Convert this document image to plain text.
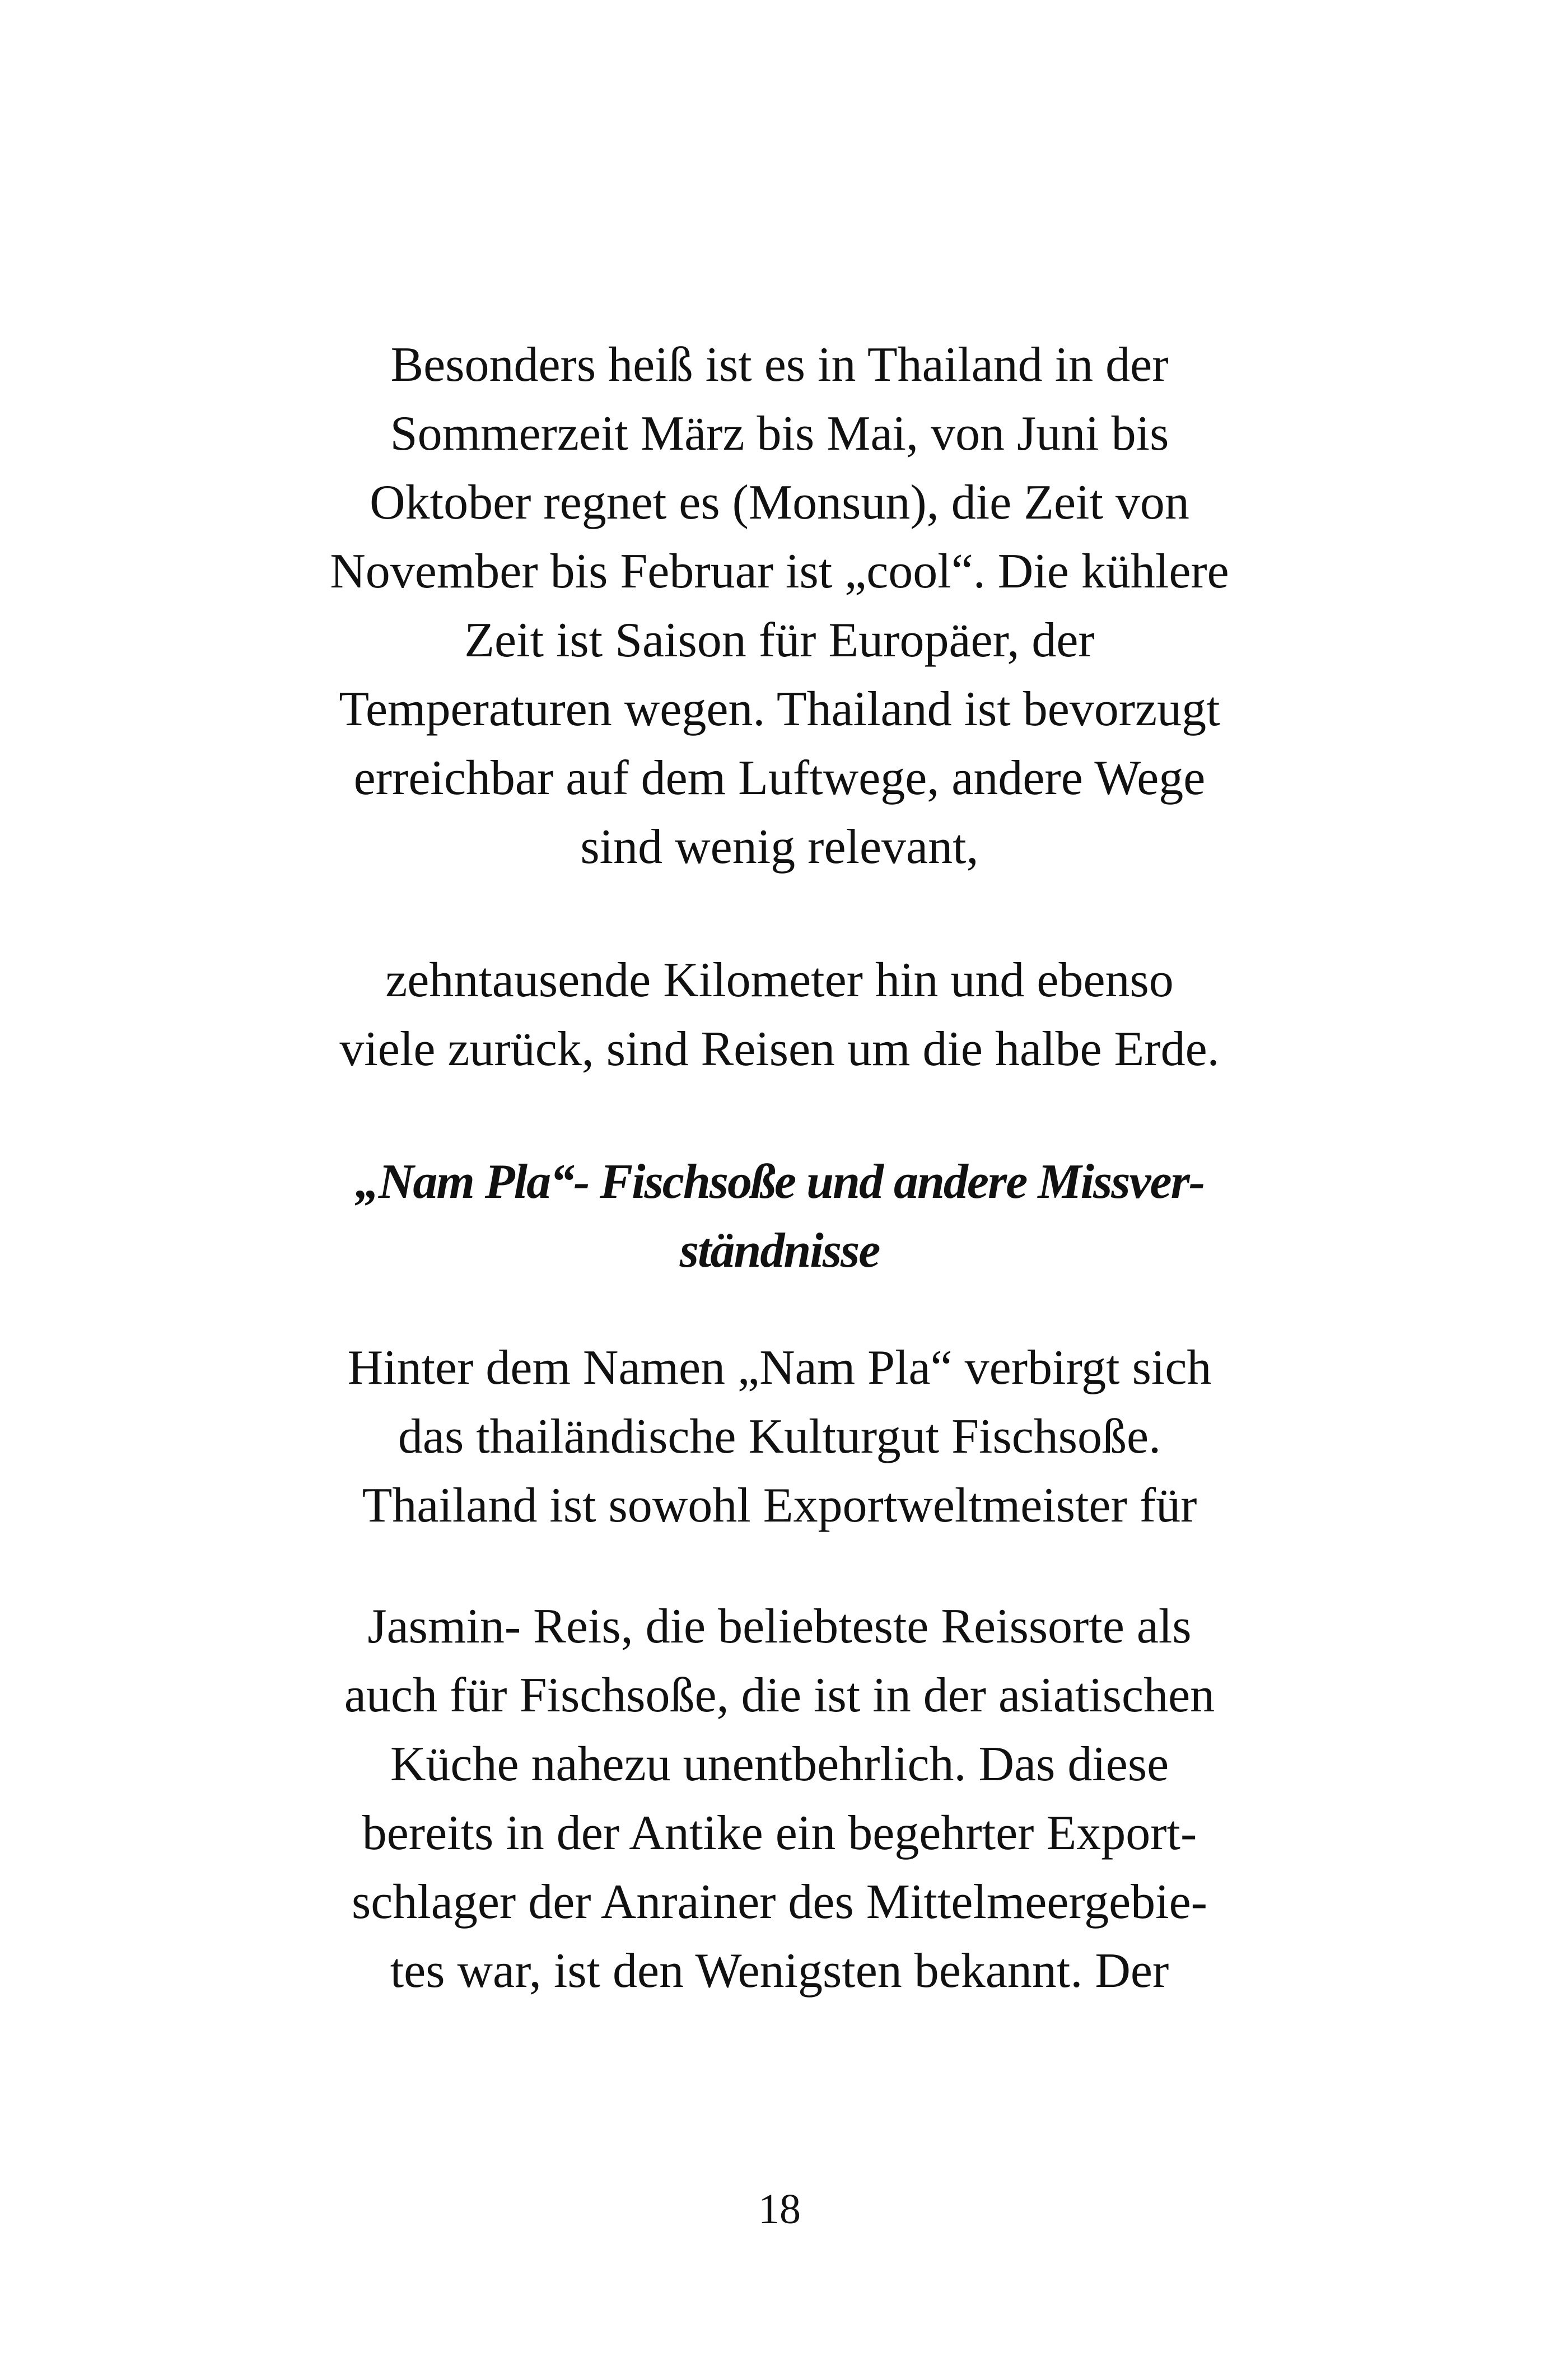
Besonders heiß ist es in Thailand in der
Sommerzeit März bis Mai, von Juni bis
Oktober regnet es (Monsun), die Zeit von
November bis Februar ist „cool“. Die kühlere
Zeit ist Saison für Europäer, der
Temperaturen wegen. Thailand ist bevorzugt
erreichbar auf dem Luftwege, andere Wege
sind wenig relevant,
zehntausende Kilometer hin und ebenso
viele zurück, sind Reisen um die halbe Erde.
„Nam Pla“- Fischsoße und andere Missver-
ständnisse
Hinter dem Namen „Nam Pla“ verbirgt sich
das thailändische Kulturgut Fischsoße.
Thailand ist sowohl Exportweltmeister für
Jasmin- Reis, die beliebteste Reissorte als
auch für Fischsoße, die ist in der asiatischen
Küche nahezu unentbehrlich. Das diese
bereits in der Antike ein begehrter Export-
schlager der Anrainer des Mittelmeergebie-
tes war, ist den Wenigsten bekannt. Der
18
